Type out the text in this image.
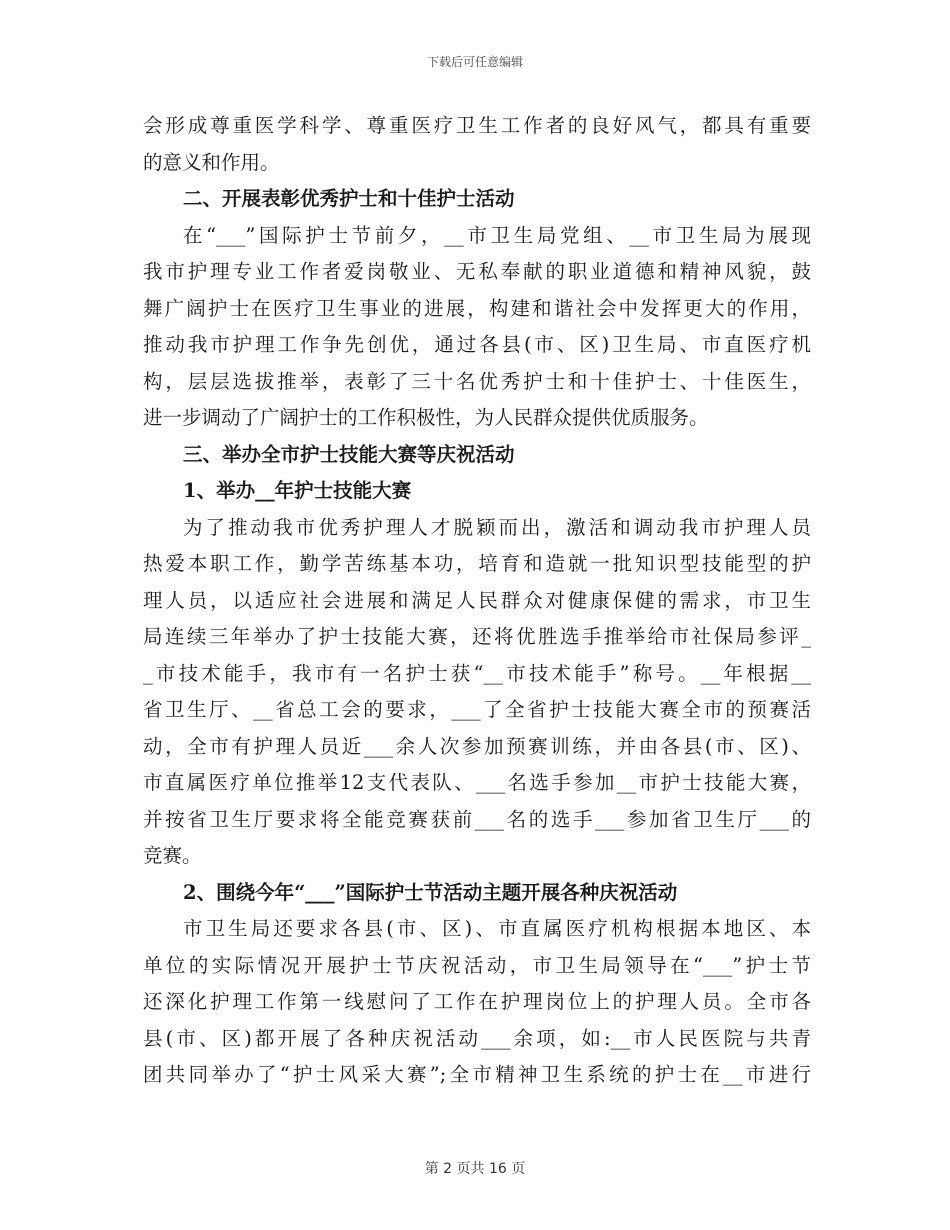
下载后可任意编辑
会形成尊重医学科学、尊重医疗卫生工作者的良好风气，都具有重要
的意义和作用。
二、开展表彰优秀护士和十佳护士活动
在“___”国际护士节前夕，__市卫生局党组、__市卫生局为展现
我市护理专业工作者爱岗敬业、无私奉献的职业道德和精神风貌，鼓
舞广阔护士在医疗卫生事业的进展，构建和谐社会中发挥更大的作用，
推动我市护理工作争先创优，通过各县(市、区)卫生局、市直医疗机
构，层层选拔推举，表彰了三十名优秀护士和十佳护士、十佳医生，
进一步调动了广阔护士的工作积极性，为人民群众提供优质服务。
三、举办全市护士技能大赛等庆祝活动
1、举办__年护士技能大赛
为了推动我市优秀护理人才脱颖而出，激活和调动我市护理人员
热爱本职工作，勤学苦练基本功，培育和造就一批知识型技能型的护
理人员，以适应社会进展和满足人民群众对健康保健的需求，市卫生
局连续三年举办了护士技能大赛，还将优胜选手推举给市社保局参评_
_市技术能手，我市有一名护士获“__市技术能手”称号。__年根据__
省卫生厅、__省总工会的要求，___了全省护士技能大赛全市的预赛活
动，全市有护理人员近___余人次参加预赛训练，并由各县(市、区)、
市直属医疗单位推举12支代表队、___名选手参加__市护士技能大赛，
并按省卫生厅要求将全能竞赛获前___名的选手___参加省卫生厅___的
竞赛。
2、围绕今年“___”国际护士节活动主题开展各种庆祝活动
市卫生局还要求各县(市、区)、市直属医疗机构根据本地区、本
单位的实际情况开展护士节庆祝活动，市卫生局领导在“___”护士节
还深化护理工作第一线慰问了工作在护理岗位上的护理人员。全市各
县(市、区)都开展了各种庆祝活动___余项，如:__市人民医院与共青
团共同举办了“护士风采大赛”;全市精神卫生系统的护士在__市进行
第 2 页共 16 页
